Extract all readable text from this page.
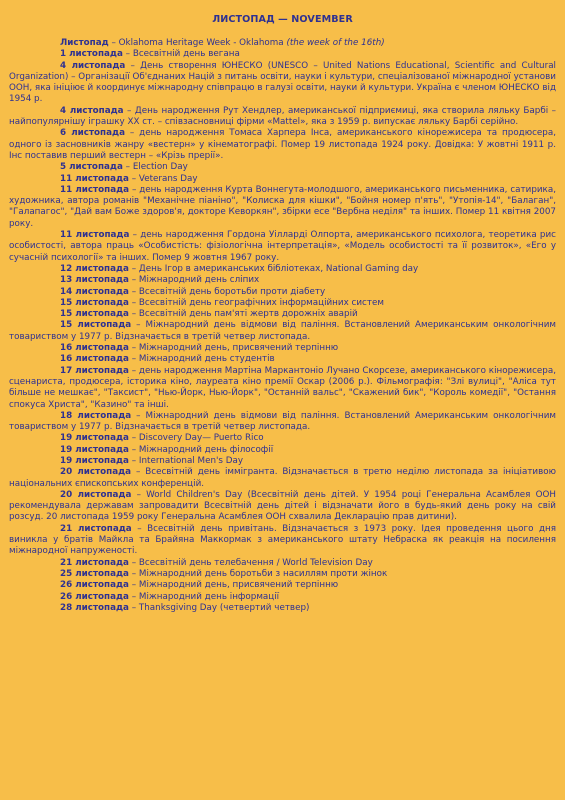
ЛИСТОПАД — NOVEMBER

Листопад – Oklahoma Heritage Week - Oklahoma (the week of the 16th)

1 листопада – Всесвітній день вегана

4 листопада – День створення ЮНЕСКО (UNESCO – United Nations Educational, Scientific and Cultural Organization) – Організації Об'єднаних Націй з питань освіти, науки і культури, спеціалізованої міжнародної установи ООН, яка ініціює й координує міжнародну співпрацю в галузі освіти, науки й культури. Україна є членом ЮНЕСКО від 1954 р.

4 листопада – День народження Рут Хендлер, американської підприємиці, яка створила ляльку Барбі – найпопулярнішу іграшку ХХ ст. – співзасновниці фірми «Mattel», яка з 1959 р. випускає ляльку Барбі серійно.

6 листопада – день народження Томаса Харпера Інса, американського кінорежисера та продюсера, одного із засновників жанру «вестерн» у кінематографі. Помер 19 листопада 1924 року. Довідка: У жовтні 1911 р. Інс поставив перший вестерн – «Крізь прерії».

5 листопада – Election Day

11 листопада – Veterans Day

11 листопада – день народження Курта Воннегута-молодшого, американського письменника, сатирика, художника, автора романів "Механічне піаніно", "Колиска для кішки", "Бойня номер п'ять", "Утопія-14", "Балаган", "Галапагос", "Дай вам Боже здоров'я, докторе Кеворкян", збірки есе "Вербна неділя" та інших. Помер 11 квітня 2007 року.

11 листопада – день народження Гордона Уілларді Олпорта, американського психолога, теоретика рис особистості, автора праць «Особистість: фізіологічна інтерпретація», «Модель особистості та її розвиток», «Его у сучасній психології» та інших. Помер 9 жовтня 1967 року.

12 листопада – День Ігор в американських бібліотеках, National Gaming day

13 листопада – Міжнародний день сліпих

14 листопада – Всесвітній день боротьби проти діабету

15 листопада – Всесвітній день географічних інформаційних систем

15 листопада – Всесвітній день пам'яті жертв дорожніх аварій

15 листопада – Міжнародний день відмови від паління. Встановлений Американським онкологічним товариством у 1977 р. Відзначається в третій четвер листопада.

16 листопада – Міжнародний день, присвячений терпінню

16 листопада – Міжнародний день студентів

17 листопада – день народження Мартіна Марка​нтоніо Лучано Скорсезе, американського кінорежисера, сценариста, продюсера, історика кіно, лауреата кіно премії Оскар (2006 р.). Фільмографія: "Злі вулиці", "Аліса тут більше не мешкає", "Таксист", "Нью-Йорк, Нью-Йорк", "Останній вальс", "Скажений бик", "Король комедії", "Остання спокуса Христа", "Казино" та інші.

18 листопада – Міжнародний день відмови від паління. Встановлений Американським онкологічним товариством у 1977 р. Відзначається в третій четвер листопада.

19 листопада – Discovery Day— Puerto Rico

19 листопада – Міжнародний день філософії

19 листопада – International Men's Day

20 листопада – Всесвітній день іммігранта. Відзначається в третю неділю листопада за ініціативою національних єпископських конференцій.

20 листопада – World Children's Day (Всесвітній день дітей. У 1954 році Генеральна Асамблея ООН рекомендувала державам запровадити Всесвітній день дітей і відзначати його в будь-який день року на свій розсуд. 20 листопада 1959 року Генеральна Асамблея ООН схвалила Декларацію прав дитини).

21 листопада – Всесвітній день привітань. Відзначається з 1973 року. Ідея проведення цього дня виникла у братів Майкла та Брайяна Маккормак з американського штату Небраска як реакція на посилення міжнародної напруженості.

21 листопада – Всесвітній день телебачення / World Television Day

25 листопада – Міжнародний день боротьби з насиллям проти жінок

26 листопада – Міжнародний день, присвячений терпінню

26 листопада – Міжнародний день інформації

28 листопада – Thanksgiving Day (четвертий четвер)
